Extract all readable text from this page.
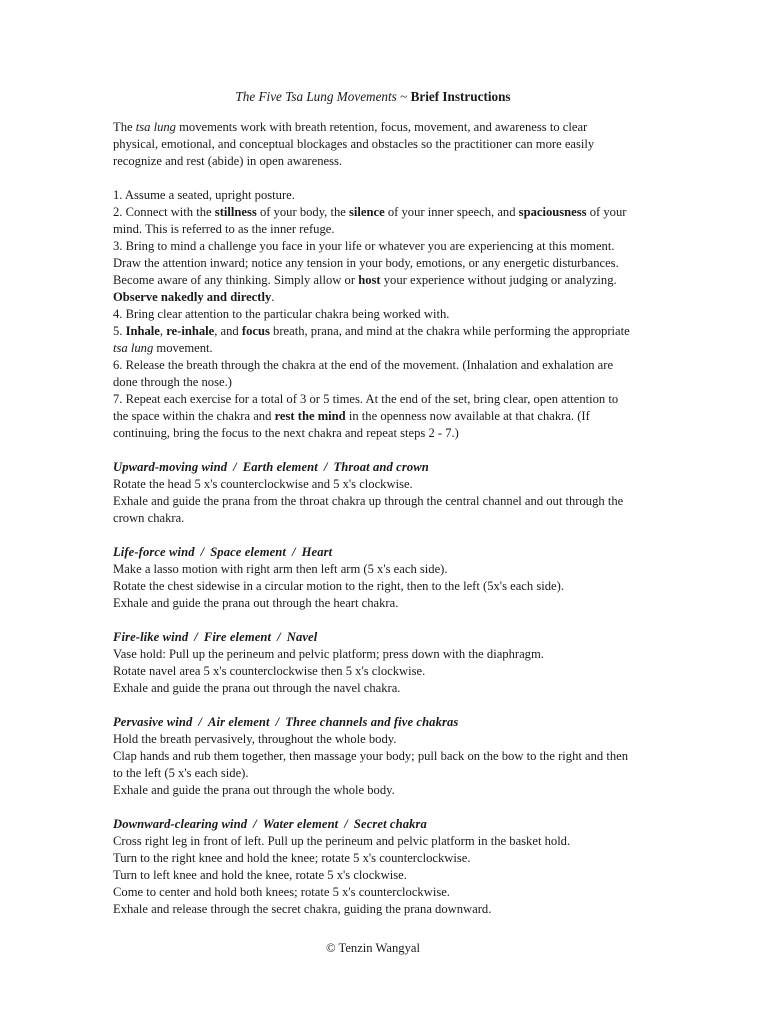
The Five Tsa Lung Movements ~ Brief Instructions

The tsa lung movements work with breath retention, focus, movement, and awareness to clear physical, emotional, and conceptual blockages and obstacles so the practitioner can more easily recognize and rest (abide) in open awareness.

1. Assume a seated, upright posture.

2. Connect with the stillness of your body, the silence of your inner speech, and spaciousness of your mind. This is referred to as the inner refuge.

3. Bring to mind a challenge you face in your life or whatever you are experiencing at this moment. Draw the attention inward; notice any tension in your body, emotions, or any energetic disturbances. Become aware of any thinking. Simply allow or host your experience without judging or analyzing. Observe nakedly and directly.

4. Bring clear attention to the particular chakra being worked with.

5. Inhale, re-inhale, and focus breath, prana, and mind at the chakra while performing the appropriate tsa lung movement.

6. Release the breath through the chakra at the end of the movement. (Inhalation and exhalation are done through the nose.)

7. Repeat each exercise for a total of 3 or 5 times. At the end of the set, bring clear, open attention to the space within the chakra and rest the mind in the openness now available at that chakra. (If continuing, bring the focus to the next chakra and repeat steps 2 - 7.)

Upward-moving wind / Earth element / Throat and crown

Rotate the head 5 x's counterclockwise and 5 x's clockwise.

Exhale and guide the prana from the throat chakra up through the central channel and out through the crown chakra.

Life-force wind / Space element / Heart

Make a lasso motion with right arm then left arm (5 x's each side).

Rotate the chest sidewise in a circular motion to the right, then to the left (5x's each side).

Exhale and guide the prana out through the heart chakra.

Fire-like wind / Fire element / Navel

Vase hold: Pull up the perineum and pelvic platform; press down with the diaphragm.

Rotate navel area 5 x's counterclockwise then 5 x's clockwise.

Exhale and guide the prana out through the navel chakra.

Pervasive wind / Air element / Three channels and five chakras

Hold the breath pervasively, throughout the whole body.

Clap hands and rub them together, then massage your body; pull back on the bow to the right and then to the left (5 x's each side).

Exhale and guide the prana out through the whole body.

Downward-clearing wind / Water element / Secret chakra

Cross right leg in front of left. Pull up the perineum and pelvic platform in the basket hold.

Turn to the right knee and hold the knee; rotate 5 x's counterclockwise.

Turn to left knee and hold the knee, rotate 5 x's clockwise.

Come to center and hold both knees; rotate 5 x's counterclockwise.

Exhale and release through the secret chakra, guiding the prana downward.

© Tenzin Wangyal
